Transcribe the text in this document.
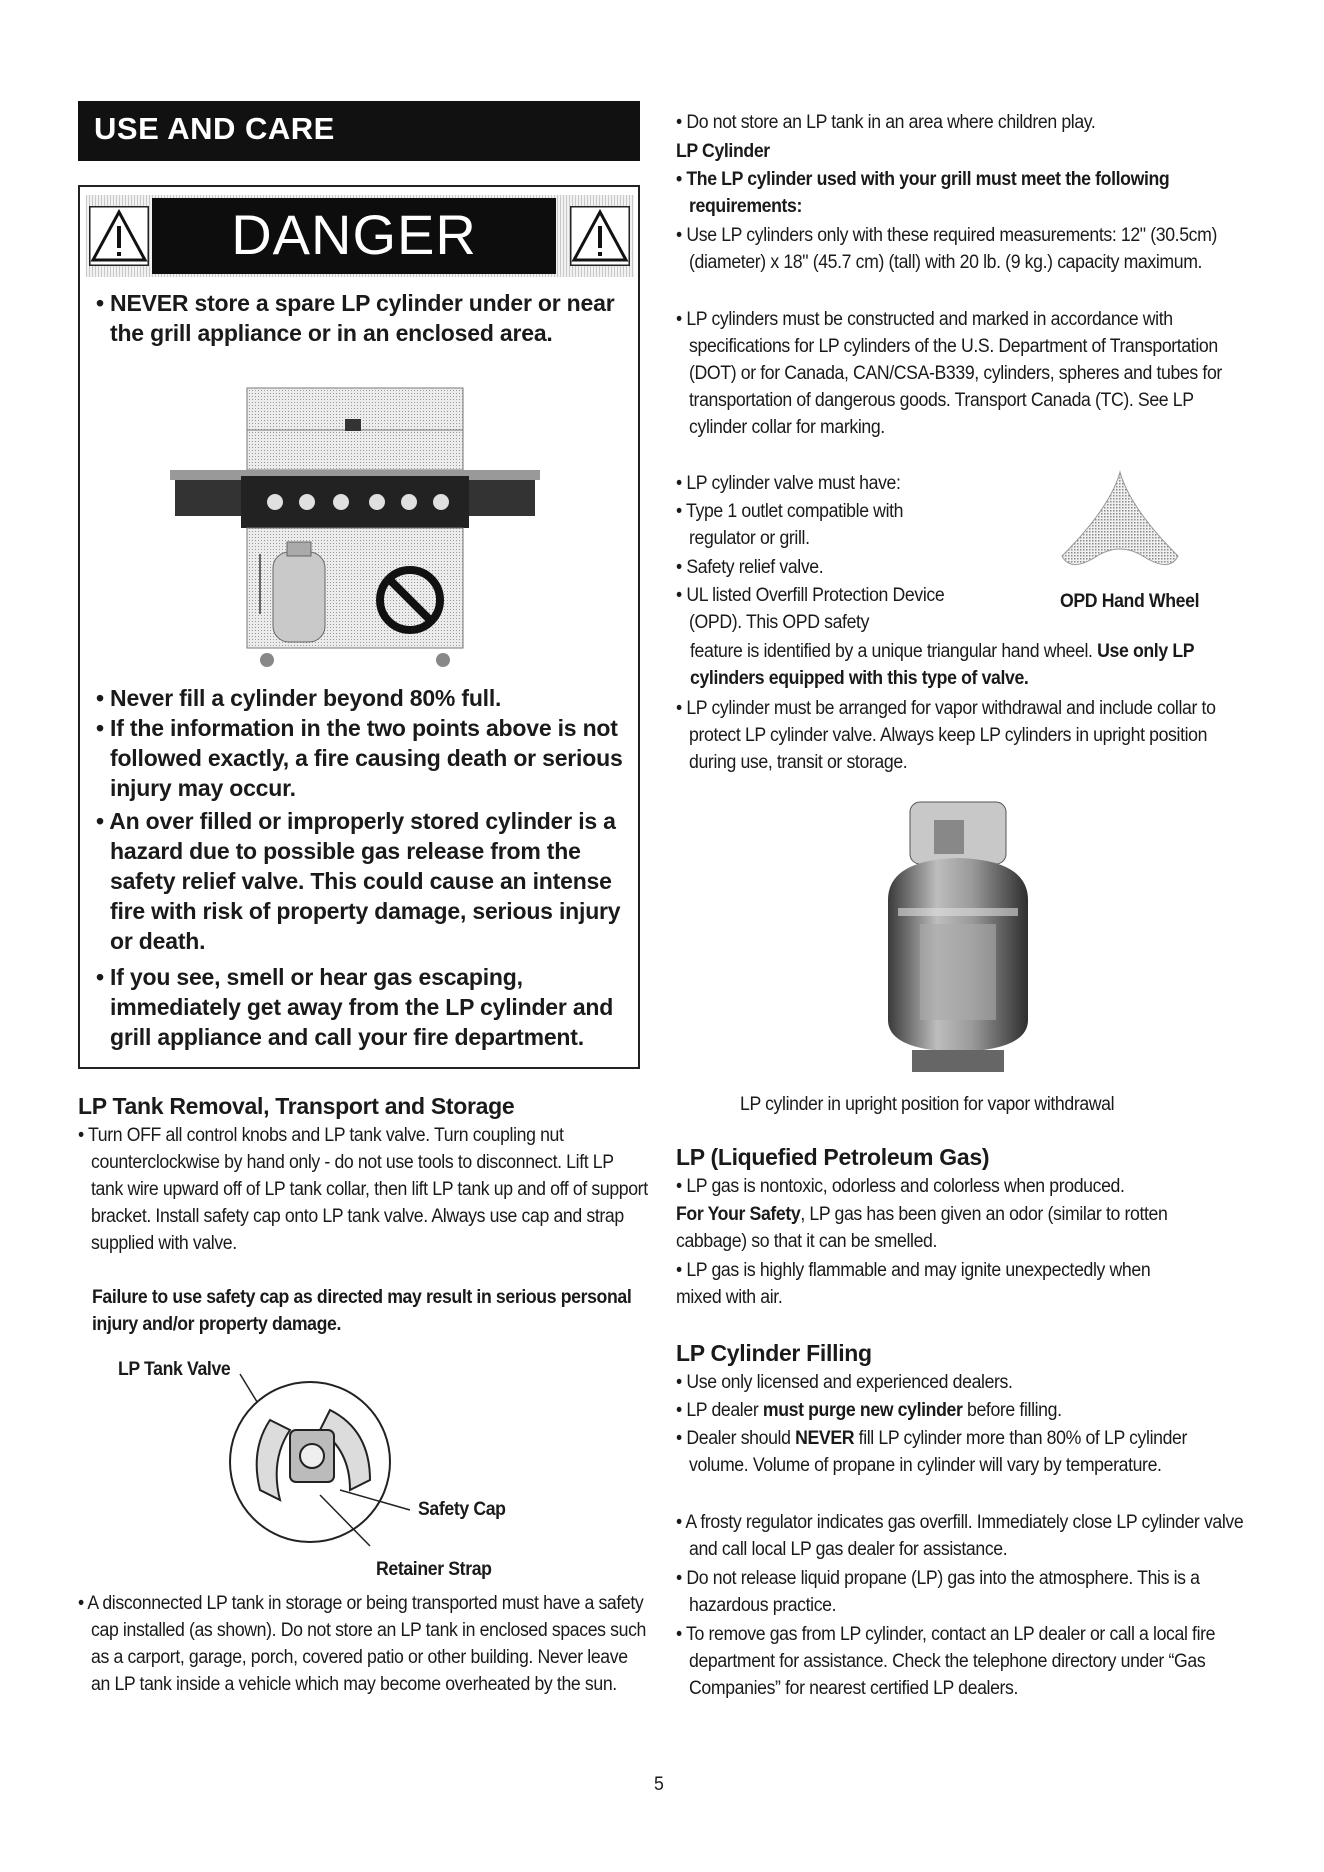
USE AND CARE
DANGER

• NEVER store a spare LP cylinder under or near the grill appliance or in an enclosed area.

• Never fill a cylinder beyond 80% full.

• If the information in the two points above is not followed exactly, a fire causing death or serious injury may occur.

• An over filled or improperly stored cylinder is a hazard due to possible gas release from the safety relief valve. This could cause an intense fire with risk of property damage, serious injury or death.

• If you see, smell or hear gas escaping, immediately get away from the LP cylinder and grill appliance and call your fire department.

LP Tank Removal, Transport and Storage

• Turn OFF all control knobs and LP tank valve. Turn coupling nut counterclockwise by hand only - do not use tools to disconnect. Lift LP tank wire upward off of LP tank collar, then lift LP tank up and off of support bracket. Install safety cap onto LP tank valve. Always use cap and strap supplied with valve.

Failure to use safety cap as directed may result in serious personal injury and/or property damage.

LP Tank Valve

Safety Cap

Retainer Strap

• A disconnected LP tank in storage or being transported must have a safety cap installed (as shown). Do not store an LP tank in enclosed spaces such as a carport, garage, porch, covered patio or other building. Never leave an LP tank inside a vehicle which may become overheated by the sun.

• Do not store an LP tank in an area where children play.

LP Cylinder

• The LP cylinder used with your grill must meet the following requirements:

• Use LP cylinders only with these required measurements: 12" (30.5cm) (diameter) x 18" (45.7 cm) (tall) with 20 lb. (9 kg.) capacity maximum.

• LP cylinders must be constructed and marked in accordance with specifications for LP cylinders of the U.S. Department of Transportation (DOT) or for Canada, CAN/CSA-B339, cylinders, spheres and tubes for transportation of dangerous goods. Transport Canada (TC). See LP cylinder collar for marking.

• LP cylinder valve must have:

• Type 1 outlet compatible with regulator or grill.

• Safety relief valve.

• UL listed Overfill Protection Device (OPD). This OPD safety

feature is identified by a unique triangular hand wheel. Use only LP cylinders equipped with this type of valve.

OPD Hand Wheel

• LP cylinder must be arranged for vapor withdrawal and include collar to protect LP cylinder valve. Always keep LP cylinders in upright position during use, transit or storage.

LP cylinder in upright position for vapor withdrawal

LP (Liquefied Petroleum Gas)

• LP gas is nontoxic, odorless and colorless when produced.

For Your Safety, LP gas has been given an odor (similar to rotten cabbage) so that it can be smelled.

• LP gas is highly flammable and may ignite unexpectedly when mixed with air.

LP Cylinder Filling

• Use only licensed and experienced dealers.

• LP dealer must purge new cylinder before filling.

• Dealer should NEVER fill LP cylinder more than 80% of LP cylinder volume. Volume of propane in cylinder will vary by temperature.

• A frosty regulator indicates gas overfill. Immediately close LP cylinder valve and call local LP gas dealer for assistance.

• Do not release liquid propane (LP) gas into the atmosphere. This is a hazardous practice.

• To remove gas from LP cylinder, contact an LP dealer or call a local fire department for assistance. Check the telephone directory under “Gas Companies” for nearest certified LP dealers.

5
